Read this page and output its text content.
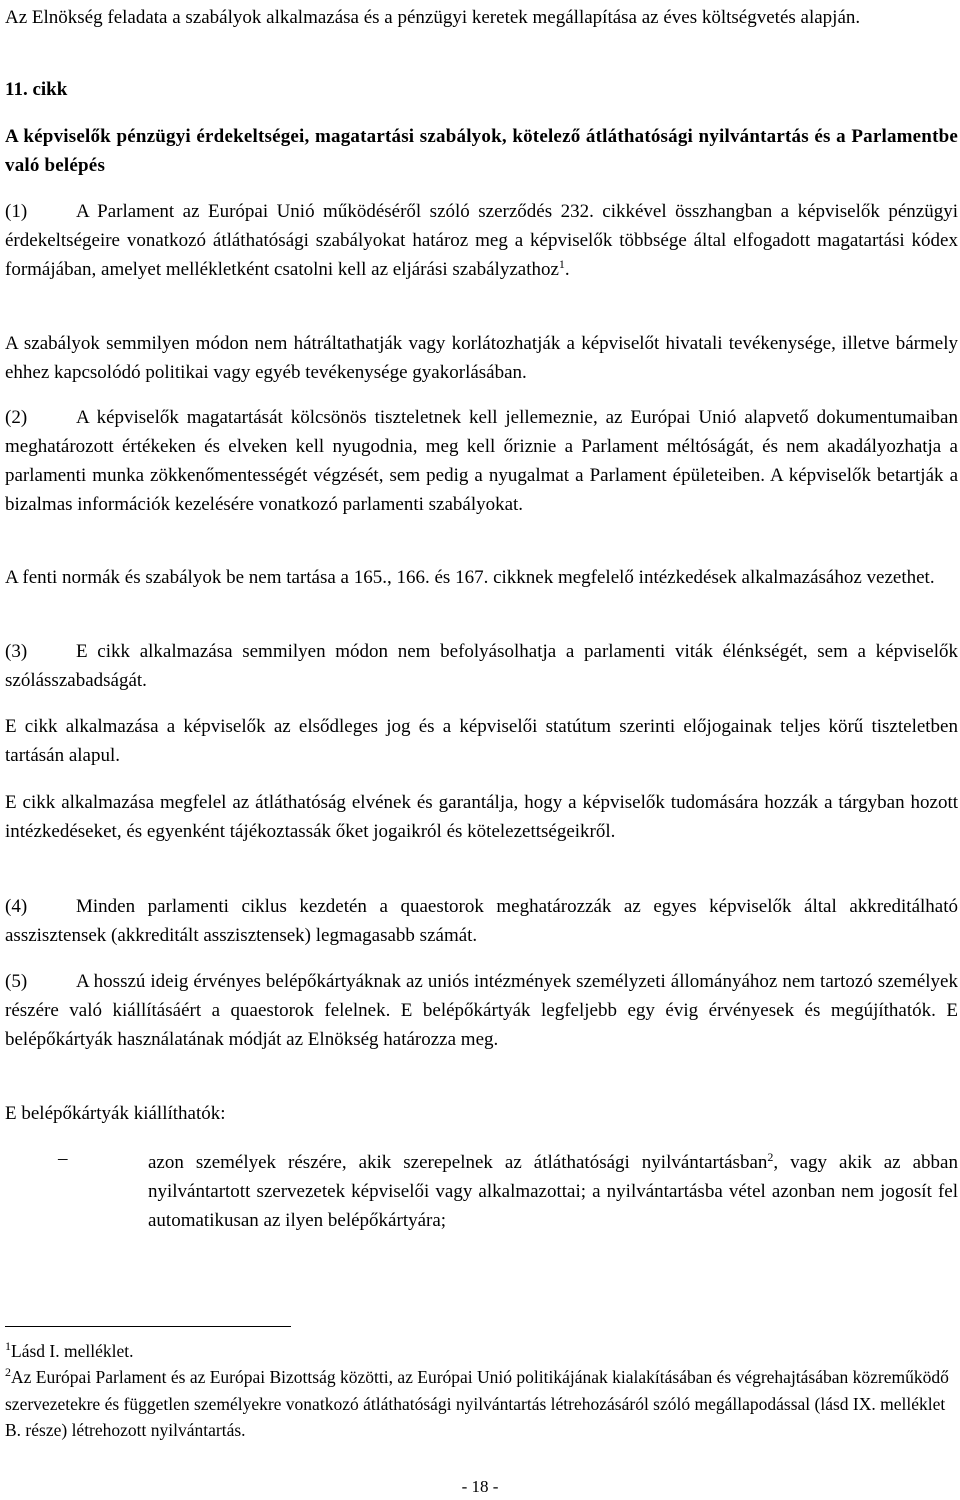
Az Elnökség feladata a szabályok alkalmazása és a pénzügyi keretek megállapítása az éves költségvetés alapján.

11. cikk

A képviselők pénzügyi érdekeltségei, magatartási szabályok, kötelező átláthatósági nyilvántartás és a Parlamentbe való belépés

(1)	A Parlament az Európai Unió működéséről szóló szerződés 232. cikkével összhangban a képviselők pénzügyi érdekeltségeire vonatkozó átláthatósági szabályokat határoz meg a képviselők többsége által elfogadott magatartási kódex formájában, amelyet mellékletként csatolni kell az eljárási szabályzathoz$^1$.

A szabályok semmilyen módon nem hátráltathatják vagy korlátozhatják a képviselőt hivatali tevékenysége, illetve bármely ehhez kapcsolódó politikai vagy egyéb tevékenysége gyakorlásában.

(2)	A képviselők magatartását kölcsönös tiszteletnek kell jellemeznie, az Európai Unió alapvető dokumentumaiban meghatározott értékeken és elveken kell nyugodnia, meg kell őriznie a Parlament méltóságát, és nem akadályozhatja a parlamenti munka zökkenőmentességét végzését, sem pedig a nyugalmat a Parlament épületeiben. A képviselők betartják a bizalmas információk kezelésére vonatkozó parlamenti szabályokat.

A fenti normák és szabályok be nem tartása a 165., 166. és 167. cikknek megfelelő intézkedések alkalmazásához vezethet.

(3)	E cikk alkalmazása semmilyen módon nem befolyásolhatja a parlamenti viták élénkségét, sem a képviselők szólásszabadságát.

E cikk alkalmazása a képviselők az elsődleges jog és a képviselői statútum szerinti előjogainak teljes körű tiszteletben tartásán alapul.

E cikk alkalmazása megfelel az átláthatóság elvének és garantálja, hogy a képviselők tudomására hozzák a tárgyban hozott intézkedéseket, és egyenként tájékoztassák őket jogaikról és kötelezettségeikről.

(4)	Minden parlamenti ciklus kezdetén a quaestorok meghatározzák az egyes képviselők által akkreditálható asszisztensek (akkreditált asszisztensek) legmagasabb számát.

(5)	A hosszú ideig érvényes belépőkártyáknak az uniós intézmények személyzeti állományához nem tartozó személyek részére való kiállításáért a quaestorok felelnek. E belépőkártyák legfeljebb egy évig érvényesek és megújíthatók. E belépőkártyák használatának módját az Elnökség határozza meg.

E belépőkártyák kiállíthatók:

–	azon személyek részére, akik szerepelnek az átláthatósági nyilvántartásban$^2$, vagy akik az abban nyilvántartott szervezetek képviselői vagy alkalmazottai; a nyilvántartásba vétel azonban nem jogosít fel automatikusan az ilyen belépőkártyára;

$^1$Lásd I. melléklet.

$^2$Az Európai Parlament és az Európai Bizottság közötti, az Európai Unió politikájának kialakításában és végrehajtásában közreműködő szervezetekre és független személyekre vonatkozó átláthatósági nyilvántartás létrehozásáról szóló megállapodással (lásd IX. melléklet B. része) létrehozott nyilvántartás.

- 18 -
